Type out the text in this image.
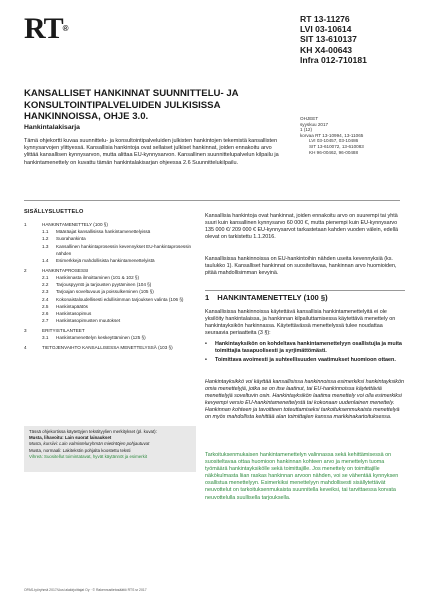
RT®
RT 13-11276
LVI 03-10614
SIT 13-610137
KH X4-00643
Infra 012-710181
KANSALLISET HANKINNAT SUUNNITTELU- JA KONSULTOINTIPALVELUIDEN JULKISISSA HANKINNOISSA, OHJE 3.0.
Hankintalakisarja
OHJEET
syyskuu 2017
1 (12)
korvaa RT 13-10994, 13-11065
LVI 03-10457, 03-10486
SIT 13-610072, 13-610083
KH 96-00462, 96-00488
Tämä ohjekortti kuvaa suunnittelu- ja konsultointipalveluiden julkisten hankintojen tekemistä kansallisten kynnysarvojen ylittyessä. Kansallisia hankintoja ovat sellaiset julkiset hankinnat, joiden ennakoitu arvo ylittää kansallisen kynnysarvon, mutta alittaa EU-kynnysarvon. Kansallinen suunnittelupalvelun kilpailu ja hankintamenettely on kuvattu tämän hankintalakisarjan ohjeessa 2.6 Suunnittelukilpailu.
SISÄLLYSLUETTELO
1	HANKINTAMENETTELY (100 §)
1.1	Määräajat kansallisissa hankintamenettelyissä
1.2	Suorahankinta
1.3	Kansallinen hankintaprosessin kevennykset EU-hankintaprosessin nähden
1.4	Esimerkkejä mahdollisista hankintamenettelyistä
2	HANKINTAPROSESSI
2.1	Hankinnasta ilmoittaminen (101 & 102 §)
2.2	Tarjouspyyntö ja tarjousten pyytäminen (104 §)
2.3	Tarjoajan soveltuvuus ja poissulkeminen (105 §)
2.4	Kokonaistaloudellisesti edullisimman tarjouksen valinta (106 §)
2.5	Hankintapäätös
2.6	Hankintasopimus
2.7	Hankintasopimusten muutokset
3	ERITYISTILANTEET
3.1	Hankintamenettelyn keskeyttäminen (125 §)
4	TIETOJENVAIHTO KANSALLISESSA MENETTELYSSÄ (103 §)
Tässä ohjekortissa käytettyjen tekstityylien merkitykset (pl. kuvat):
Musta, lihavoitu: Lain suorat lainaukset
Musta, kursiivi: Lain valmisteluryhmän mietintöjen pohjautuvat
Musta, normaali: Lakitekstin pohjalta koostettu teksti
Vihreä: Suositellut toimintatavat, hyvät käytännöt ja esimerkit
OPAS-työryhmä 2017/Uusi alakirjoittajat Oy · © Rakennustietosäätiö RTS sr 2017

Kansallisia hankintoja ovat hankinnat, joiden ennakoitu arvo on suurempi tai yhtä suuri kuin kansallinen kynnysarvo 60 000 €, mutta pienempi kuin EU-kynnysarvo 135 000 €/ 209 000 € EU-kynnysarvot tarkastetaan kahden vuoden välein, edellä olevat on tarkistettu 1.1.2016.

Kansallisissa hankinnoissa on EU-hankintoihin nähden useita kevennyksiä (ks. taulukko 1). Kansalliset hankinnat on suositeltavaa, hankinnan arvo huomioiden, pitää mahdollisimman kevyinä.

1 HANKINTAMENETTELY (100 §)

Kansallisissa hankinnoissa käytettävä kansallisia hankintamenettelyitä ei ole yksilöity hankintalaissa, ja hankinnan kilpailuttamisessa käytettävä menettely on hankintayksikön harkinnassa. Käytettävässä menettelyssä tulee noudattaa seuraavia periaatteita (3 §):

•	Hankintayksikön on kohdeltava hankintamenettelyyn osallistujia ja muita toimittajia tasapuolisesti ja syrjimättömästi.
•	Toimittava avoimesti ja suhteellisuuden vaatimukset huomioon ottaen.

Hankintayksikkö voi käyttää kansallisissa hankinnoissa esimerkiksi hankintayksikön omia menettelyjä, jotka se on itse laatinut, tai EU-hankinnoissa käytettäviä menettelyjä soveltuvin osin. Hankintayksikön laatima menettely voi olla esimerkiksi kevyempi versio EU-hankintamenettelystä tai kokonaan uudenlainen menettely. Hankinnan kohteen ja tavoitteen toteuttamiseksi tarkoituksenmukaista menettelyä on myös mahdollista kehittää alan toimittajien kanssa markkinakartoituksessa.

Tarkoituksenmukaisen hankintamenettelyn valinnassa sekä kehittämisessä on suositeltavaa ottaa huomioon hankinnan kohteen arvo ja menettelyn tuoma työmäärä hankintayksikölle sekä toimittajille. Jos menettely on toimittajille näkökulmasta liian raskas hankinnan arvoon nähden, voi se vähentää kynnyksen osallistua menettelyyn. Esimerkiksi menettelyyn mahdollisesti sisällytettävät neuvottelut on tarkoituksenmukaista suunnitella keveiksi, tai tarvittaessa korvata neuvottelulla suullisella tarjouksella.
